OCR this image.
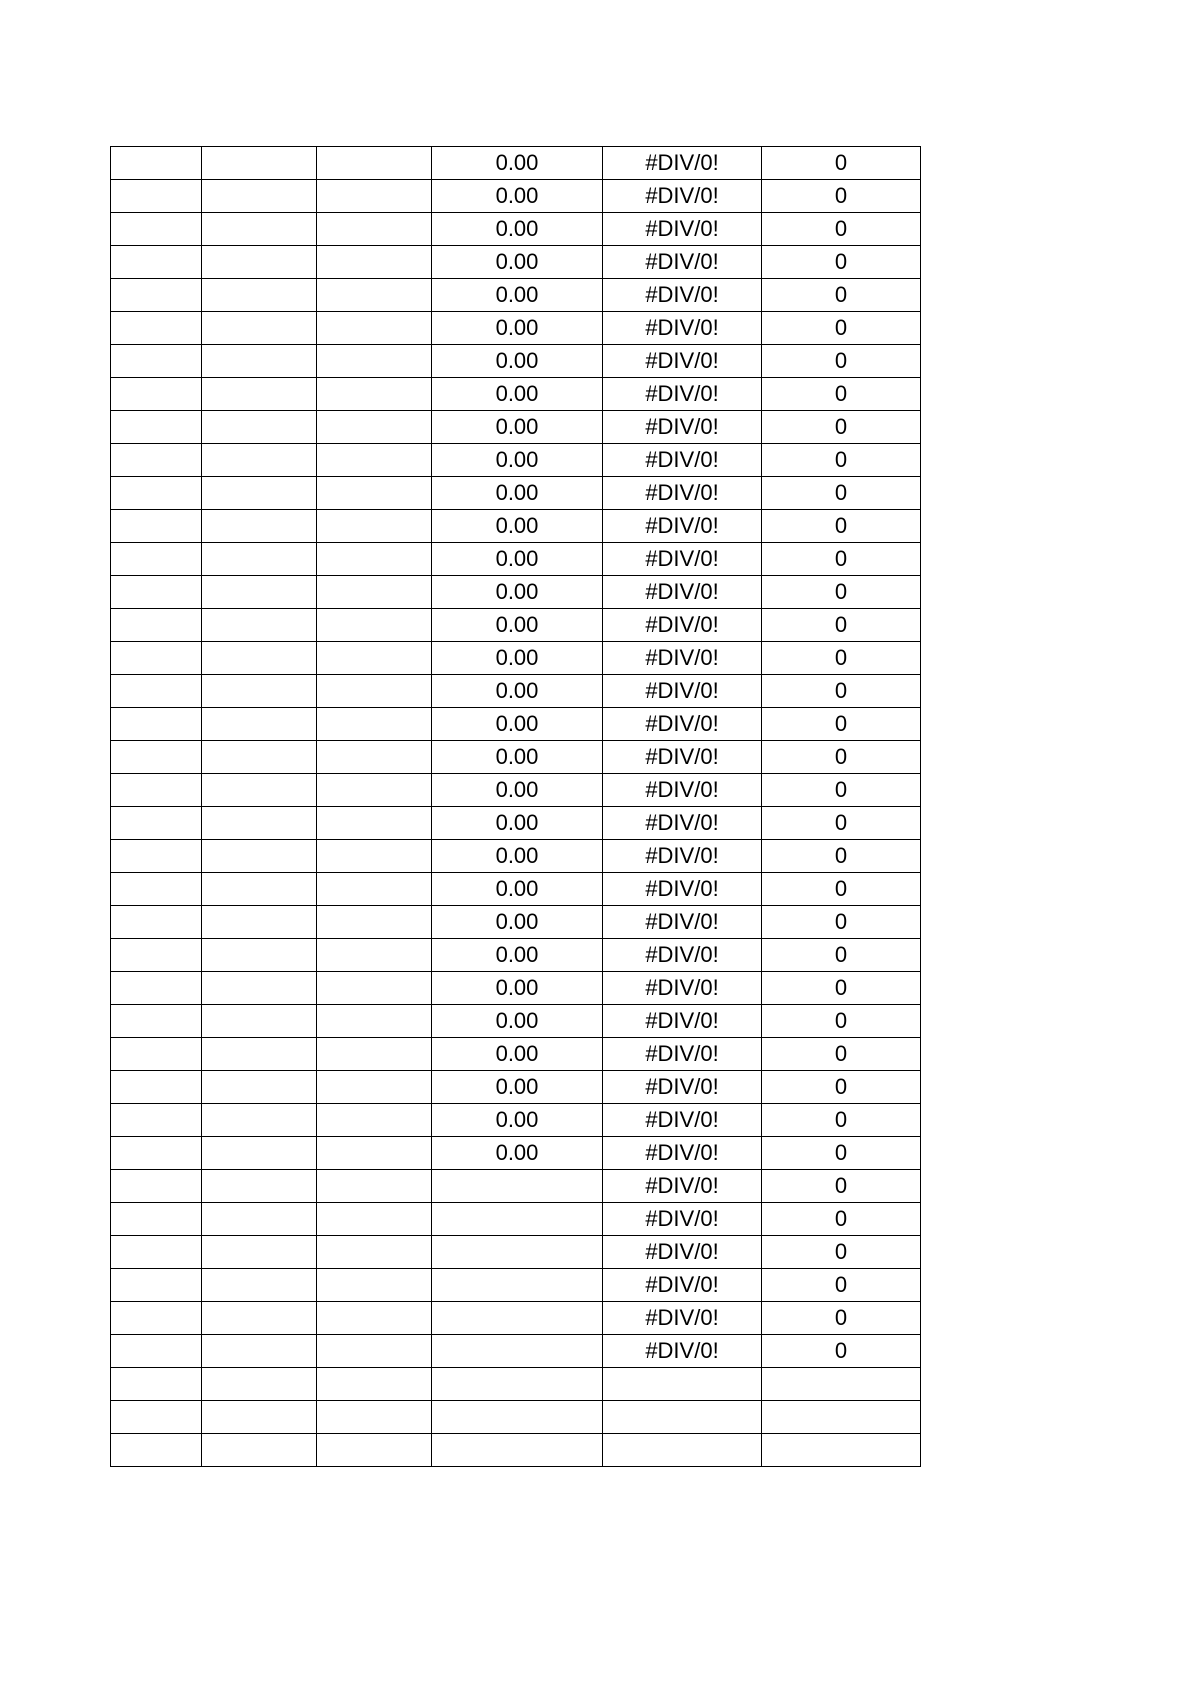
			0.00	#DIV/0!	0
			0.00	#DIV/0!	0
			0.00	#DIV/0!	0
			0.00	#DIV/0!	0
			0.00	#DIV/0!	0
			0.00	#DIV/0!	0
			0.00	#DIV/0!	0
			0.00	#DIV/0!	0
			0.00	#DIV/0!	0
			0.00	#DIV/0!	0
			0.00	#DIV/0!	0
			0.00	#DIV/0!	0
			0.00	#DIV/0!	0
			0.00	#DIV/0!	0
			0.00	#DIV/0!	0
			0.00	#DIV/0!	0
			0.00	#DIV/0!	0
			0.00	#DIV/0!	0
			0.00	#DIV/0!	0
			0.00	#DIV/0!	0
			0.00	#DIV/0!	0
			0.00	#DIV/0!	0
			0.00	#DIV/0!	0
			0.00	#DIV/0!	0
			0.00	#DIV/0!	0
			0.00	#DIV/0!	0
			0.00	#DIV/0!	0
			0.00	#DIV/0!	0
			0.00	#DIV/0!	0
			0.00	#DIV/0!	0
			0.00	#DIV/0!	0
				#DIV/0!	0
				#DIV/0!	0
				#DIV/0!	0
				#DIV/0!	0
				#DIV/0!	0
				#DIV/0!	0
